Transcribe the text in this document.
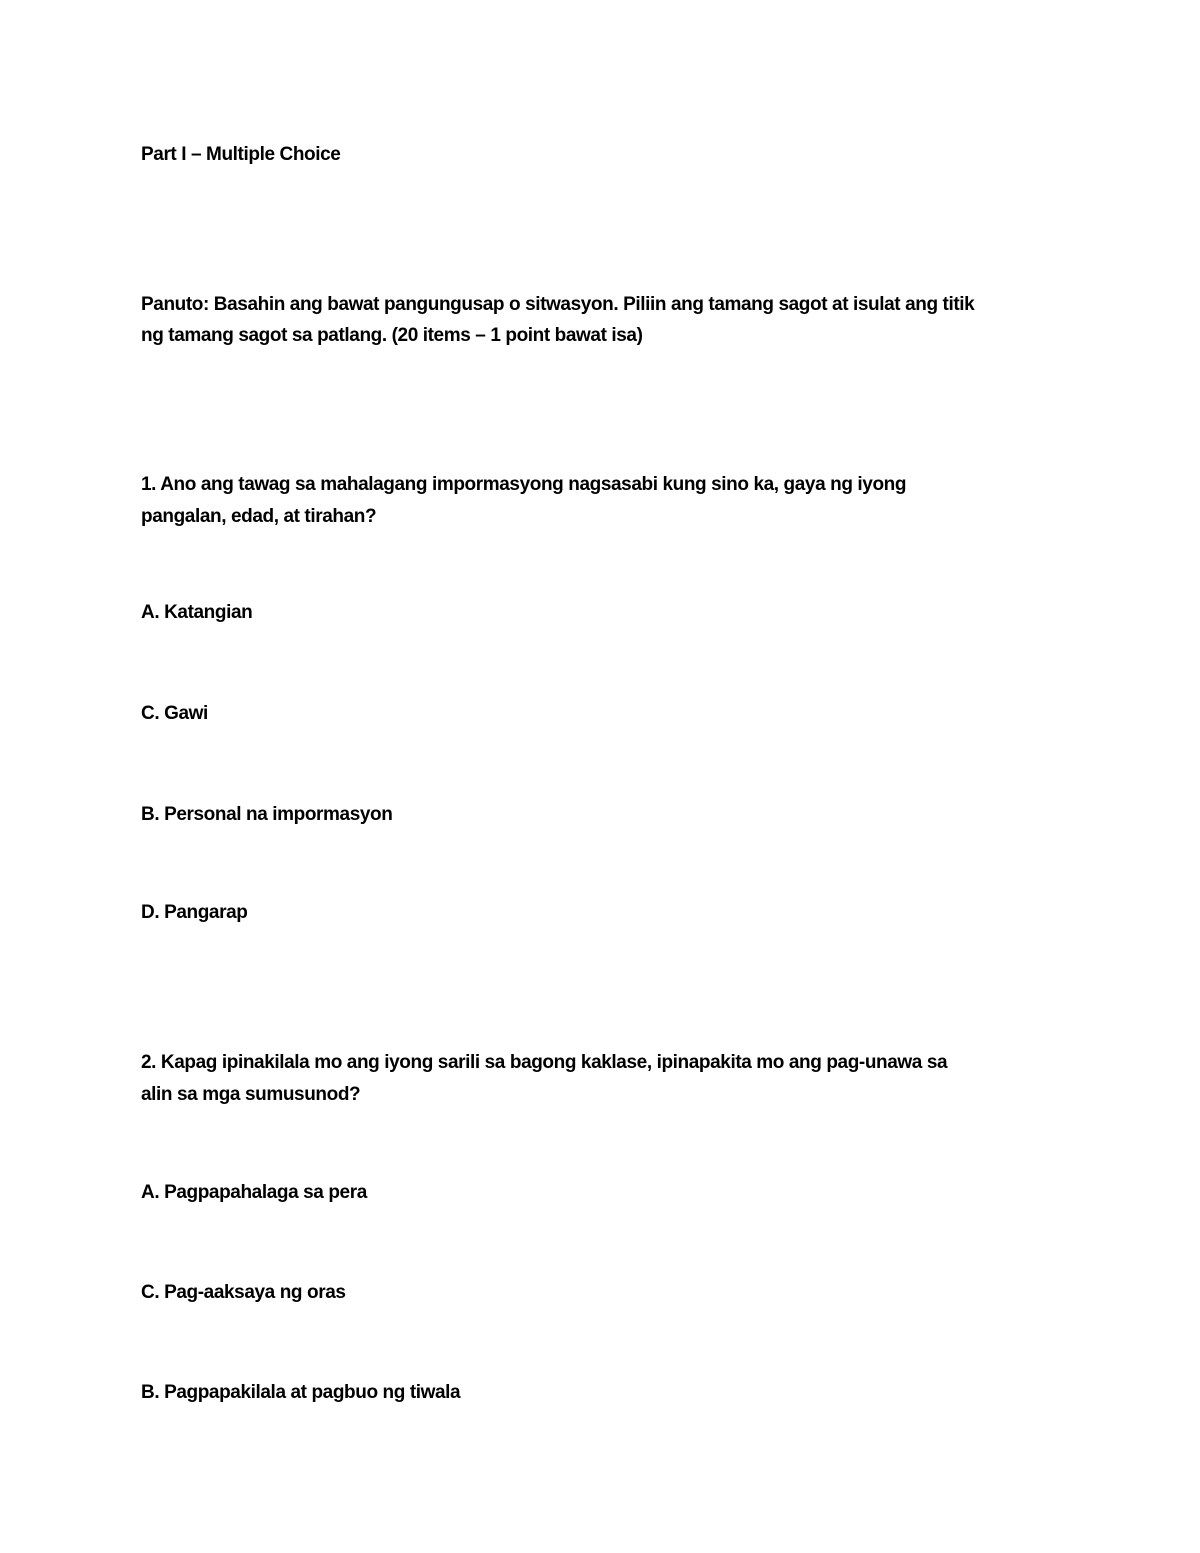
Part I – Multiple Choice
Panuto: Basahin ang bawat pangungusap o sitwasyon. Piliin ang tamang sagot at isulat ang titik
ng tamang sagot sa patlang. (20 items – 1 point bawat isa)
1. Ano ang tawag sa mahalagang impormasyong nagsasabi kung sino ka, gaya ng iyong
pangalan, edad, at tirahan?
A. Katangian
C. Gawi
B. Personal na impormasyon
D. Pangarap
2. Kapag ipinakilala mo ang iyong sarili sa bagong kaklase, ipinapakita mo ang pag-unawa sa
alin sa mga sumusunod?
A. Pagpapahalaga sa pera
C. Pag-aaksaya ng oras
B. Pagpapakilala at pagbuo ng tiwala
